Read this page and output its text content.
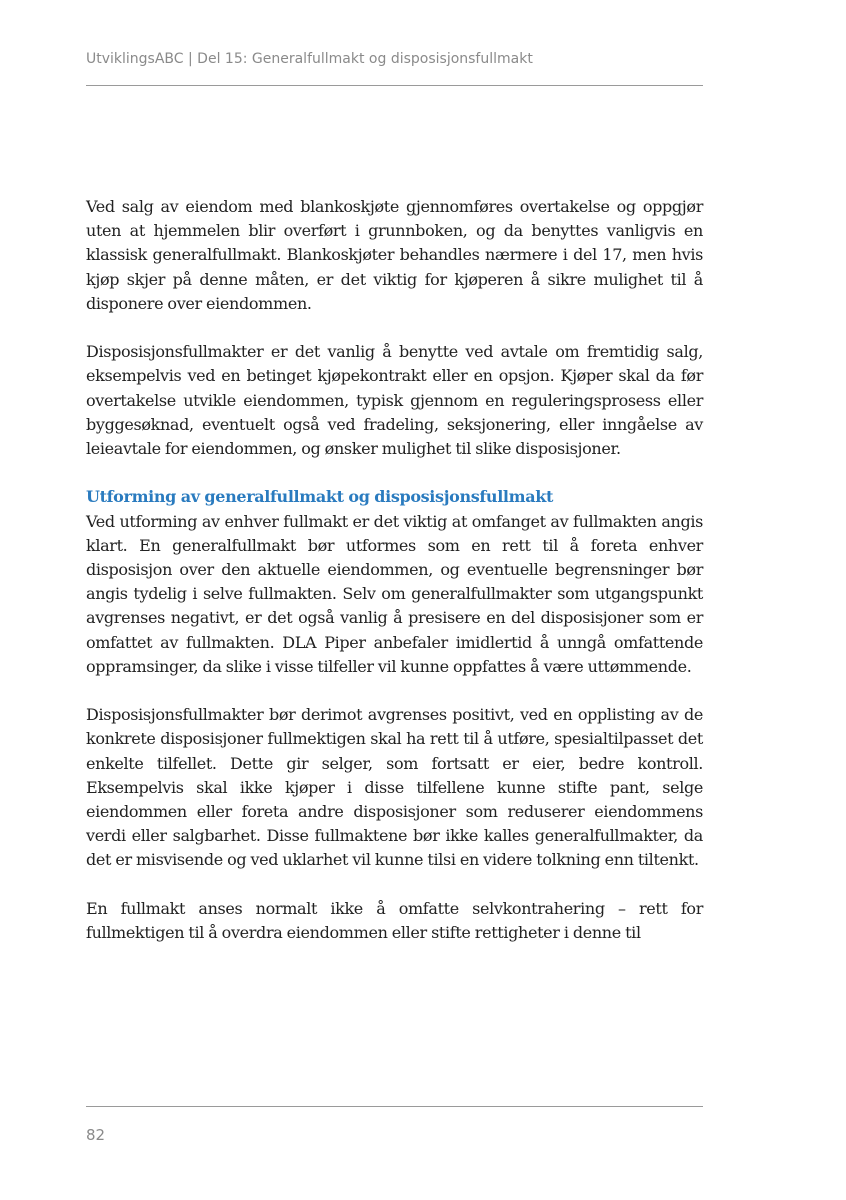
UtviklingsABC | Del 15: Generalfullmakt og disposisjonsfullmakt

Ved salg av eiendom med blankoskjøte gjennomføres overtakelse og oppgjør uten at hjemmelen blir overført i grunnboken, og da benyttes vanligvis en klassisk generalfullmakt. Blankoskjøter behandles nærmere i del 17, men hvis kjøp skjer på denne måten, er det viktig for kjøperen å sikre mulighet til å disponere over eiendommen.

Disposisjonsfullmakter er det vanlig å benytte ved avtale om fremtidig salg, eksempelvis ved en betinget kjøpekontrakt eller en opsjon. Kjøper skal da før overtakelse utvikle eiendommen, typisk gjennom en reguleringsprosess eller byggesøknad, eventuelt også ved fradeling, seksjonering, eller inngåelse av leieavtale for eiendommen, og ønsker mulighet til slike disposisjoner.

Utforming av generalfullmakt og disposisjonsfullmakt

Ved utforming av enhver fullmakt er det viktig at omfanget av fullmakten angis klart. En generalfullmakt bør utformes som en rett til å foreta enhver disposisjon over den aktuelle eiendommen, og eventuelle begrensninger bør angis tydelig i selve fullmakten. Selv om generalfullmakter som utgangspunkt avgrenses negativt, er det også vanlig å presisere en del disposisjoner som er omfattet av fullmakten. DLA Piper anbefaler imidlertid å unngå omfattende oppramsinger, da slike i visse tilfeller vil kunne oppfattes å være uttømmende.

Disposisjonsfullmakter bør derimot avgrenses positivt, ved en opplisting av de konkrete disposisjoner fullmektigen skal ha rett til å utføre, spesialtilpasset det enkelte tilfellet. Dette gir selger, som fortsatt er eier, bedre kontroll. Eksempelvis skal ikke kjøper i disse tilfellene kunne stifte pant, selge eiendommen eller foreta andre disposisjoner som reduserer eiendommens verdi eller salgbarhet. Disse fullmaktene bør ikke kalles generalfullmakter, da det er misvisende og ved uklarhet vil kunne tilsi en videre tolkning enn tiltenkt.

En fullmakt anses normalt ikke å omfatte selvkontrahering – rett for fullmektigen til å overdra eiendommen eller stifte rettigheter i denne til

82
